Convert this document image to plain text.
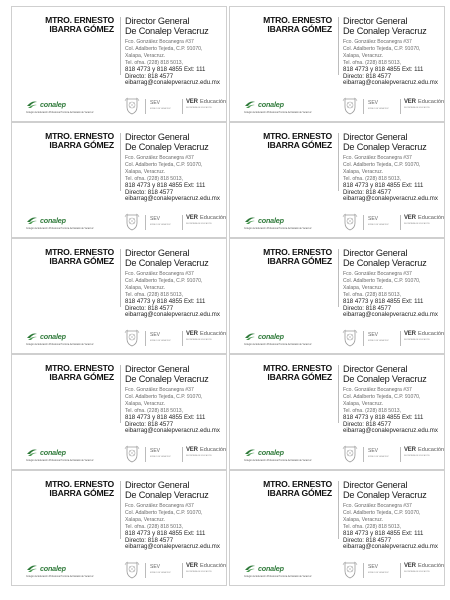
MTRO. ERNESTO
IBARRA GÓMEZ
Director General
De Conalep Veracruz
Fco. González Bocanegra #37
Col. Adalberto Tejeda, C.P. 91070,
Xalapa, Veracruz.
Tel. ofna. (228) 818 5013,
818 4773 y 818 4855 Ext: 111
Directo: 818 4577
eibarrag@conalepveracruz.edu.mx
conalep
Colegio de Educación Profesional Técnica del Estado de Veracruz
SEV
ESTADO DE VERACRUZ
VER Educación
SECRETARÍA DE EDUCACIÓN
MTRO. ERNESTO
IBARRA GÓMEZ
Director General
De Conalep Veracruz
Fco. González Bocanegra #37
Col. Adalberto Tejeda, C.P. 91070,
Xalapa, Veracruz.
Tel. ofna. (228) 818 5013,
818 4773 y 818 4855 Ext: 111
Directo: 818 4577
eibarrag@conalepveracruz.edu.mx
conalep
Colegio de Educación Profesional Técnica del Estado de Veracruz
SEV
ESTADO DE VERACRUZ
VER Educación
SECRETARÍA DE EDUCACIÓN
MTRO. ERNESTO
IBARRA GÓMEZ
Director General
De Conalep Veracruz
Fco. González Bocanegra #37
Col. Adalberto Tejeda, C.P. 91070,
Xalapa, Veracruz.
Tel. ofna. (228) 818 5013,
818 4773 y 818 4855 Ext: 111
Directo: 818 4577
eibarrag@conalepveracruz.edu.mx
conalep
Colegio de Educación Profesional Técnica del Estado de Veracruz
SEV
ESTADO DE VERACRUZ
VER Educación
SECRETARÍA DE EDUCACIÓN
MTRO. ERNESTO
IBARRA GÓMEZ
Director General
De Conalep Veracruz
Fco. González Bocanegra #37
Col. Adalberto Tejeda, C.P. 91070,
Xalapa, Veracruz.
Tel. ofna. (228) 818 5013,
818 4773 y 818 4855 Ext: 111
Directo: 818 4577
eibarrag@conalepveracruz.edu.mx
conalep
Colegio de Educación Profesional Técnica del Estado de Veracruz
SEV
ESTADO DE VERACRUZ
VER Educación
SECRETARÍA DE EDUCACIÓN
MTRO. ERNESTO
IBARRA GÓMEZ
Director General
De Conalep Veracruz
Fco. González Bocanegra #37
Col. Adalberto Tejeda, C.P. 91070,
Xalapa, Veracruz.
Tel. ofna. (228) 818 5013,
818 4773 y 818 4855 Ext: 111
Directo: 818 4577
eibarrag@conalepveracruz.edu.mx
conalep
Colegio de Educación Profesional Técnica del Estado de Veracruz
SEV
ESTADO DE VERACRUZ
VER Educación
SECRETARÍA DE EDUCACIÓN
MTRO. ERNESTO
IBARRA GÓMEZ
Director General
De Conalep Veracruz
Fco. González Bocanegra #37
Col. Adalberto Tejeda, C.P. 91070,
Xalapa, Veracruz.
Tel. ofna. (228) 818 5013,
818 4773 y 818 4855 Ext: 111
Directo: 818 4577
eibarrag@conalepveracruz.edu.mx
conalep
Colegio de Educación Profesional Técnica del Estado de Veracruz
SEV
ESTADO DE VERACRUZ
VER Educación
SECRETARÍA DE EDUCACIÓN
MTRO. ERNESTO
IBARRA GÓMEZ
Director General
De Conalep Veracruz
Fco. González Bocanegra #37
Col. Adalberto Tejeda, C.P. 91070,
Xalapa, Veracruz.
Tel. ofna. (228) 818 5013,
818 4773 y 818 4855 Ext: 111
Directo: 818 4577
eibarrag@conalepveracruz.edu.mx
conalep
Colegio de Educación Profesional Técnica del Estado de Veracruz
SEV
ESTADO DE VERACRUZ
VER Educación
SECRETARÍA DE EDUCACIÓN
MTRO. ERNESTO
IBARRA GÓMEZ
Director General
De Conalep Veracruz
Fco. González Bocanegra #37
Col. Adalberto Tejeda, C.P. 91070,
Xalapa, Veracruz.
Tel. ofna. (228) 818 5013,
818 4773 y 818 4855 Ext: 111
Directo: 818 4577
eibarrag@conalepveracruz.edu.mx
conalep
Colegio de Educación Profesional Técnica del Estado de Veracruz
SEV
ESTADO DE VERACRUZ
VER Educación
SECRETARÍA DE EDUCACIÓN
MTRO. ERNESTO
IBARRA GÓMEZ
Director General
De Conalep Veracruz
Fco. González Bocanegra #37
Col. Adalberto Tejeda, C.P. 91070,
Xalapa, Veracruz.
Tel. ofna. (228) 818 5013,
818 4773 y 818 4855 Ext: 111
Directo: 818 4577
eibarrag@conalepveracruz.edu.mx
conalep
Colegio de Educación Profesional Técnica del Estado de Veracruz
SEV
ESTADO DE VERACRUZ
VER Educación
SECRETARÍA DE EDUCACIÓN
MTRO. ERNESTO
IBARRA GÓMEZ
Director General
De Conalep Veracruz
Fco. González Bocanegra #37
Col. Adalberto Tejeda, C.P. 91070,
Xalapa, Veracruz.
Tel. ofna. (228) 818 5013,
818 4773 y 818 4855 Ext: 111
Directo: 818 4577
eibarrag@conalepveracruz.edu.mx
conalep
Colegio de Educación Profesional Técnica del Estado de Veracruz
SEV
ESTADO DE VERACRUZ
VER Educación
SECRETARÍA DE EDUCACIÓN
